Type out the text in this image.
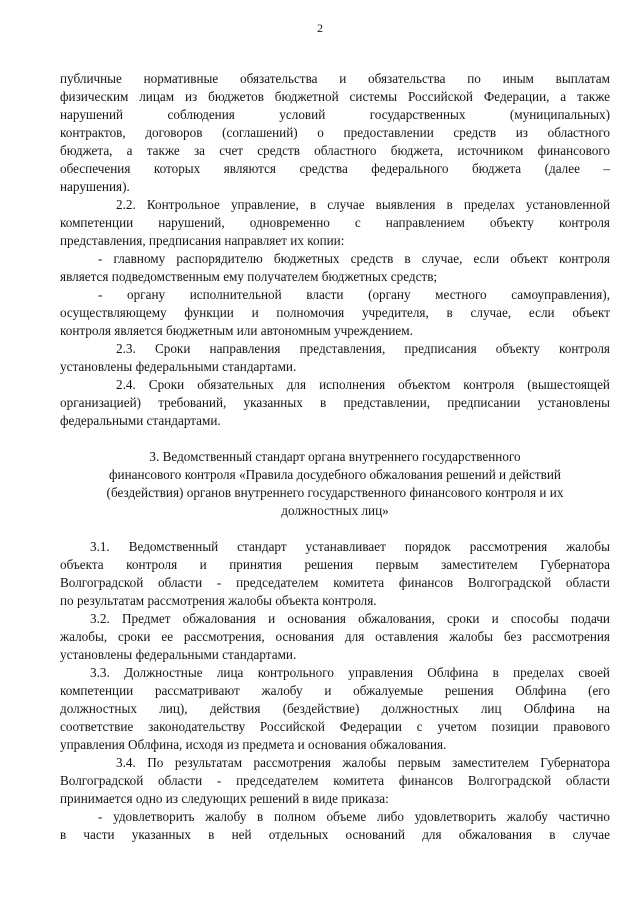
2
публичные нормативные обязательства и обязательства по иным выплатам
физическим лицам из бюджетов бюджетной системы Российской Федерации, а также
нарушений соблюдения условий государственных (муниципальных)
контрактов, договоров (соглашений) о предоставлении средств из областного
бюджета, а также за счет средств областного бюджета, источником финансового
обеспечения которых являются средства федерального бюджета (далее –
нарушения).
2.2. Контрольное управление, в случае выявления в пределах установленной
компетенции нарушений, одновременно с направлением объекту контроля
представления, предписания направляет их копии:
- главному распорядителю бюджетных средств в случае, если объект контроля
является подведомственным ему получателем бюджетных средств;
- органу исполнительной власти (органу местного самоуправления),
осуществляющему функции и полномочия учредителя, в случае, если объект
контроля является бюджетным или автономным учреждением.
2.3. Сроки направления представления, предписания объекту контроля
установлены федеральными стандартами.
2.4. Сроки обязательных для исполнения объектом контроля (вышестоящей
организацией) требований, указанных в представлении, предписании установлены
федеральными стандартами.
3. Ведомственный стандарт органа внутреннего государственного
финансового контроля «Правила досудебного обжалования решений и действий
(бездействия) органов внутреннего государственного финансового контроля и их
должностных лиц»
3.1. Ведомственный стандарт устанавливает порядок рассмотрения жалобы
объекта контроля и принятия решения первым заместителем Губернатора
Волгоградской области - председателем комитета финансов Волгоградской области
по результатам рассмотрения жалобы объекта контроля.
3.2. Предмет обжалования и основания обжалования, сроки и способы подачи
жалобы, сроки ее рассмотрения, основания для оставления жалобы без рассмотрения
установлены федеральными стандартами.
3.3. Должностные лица контрольного управления Облфина в пределах своей
компетенции рассматривают жалобу и обжалуемые решения Облфина (его
должностных лиц), действия (бездействие) должностных лиц Облфина на
соответствие законодательству Российской Федерации с учетом позиции правового
управления Облфина, исходя из предмета и основания обжалования.
3.4. По результатам рассмотрения жалобы первым заместителем Губернатора
Волгоградской области - председателем комитета финансов Волгоградской области
принимается одно из следующих решений в виде приказа:
- удовлетворить жалобу в полном объеме либо удовлетворить жалобу частично
в части указанных в ней отдельных оснований для обжалования в случае
